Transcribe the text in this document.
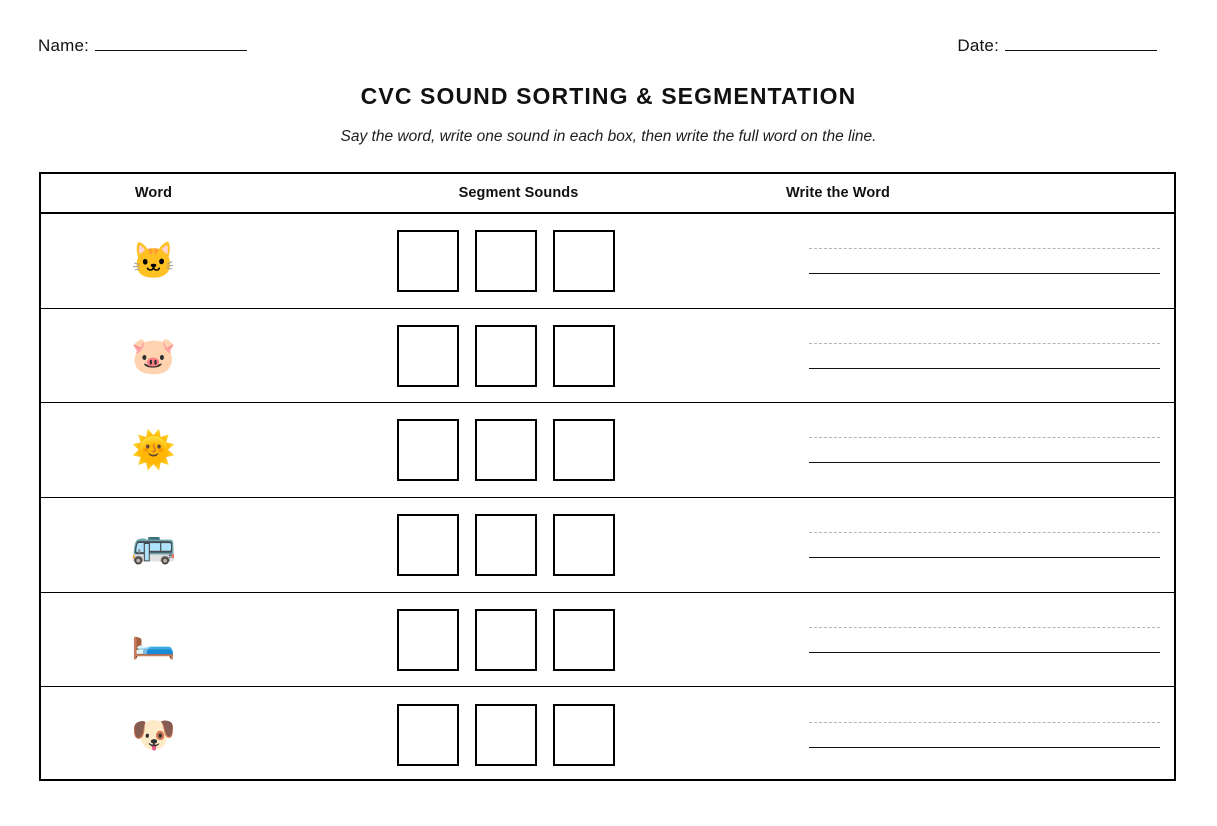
Name:	Date:
CVC SOUND SORTING & SEGMENTATION

Say the word, write one sound in each box, then write the full word on the line.

Word	Segment Sounds	Write the Word
🐱
🐷
🌞
🚌
🛏️
🐶
